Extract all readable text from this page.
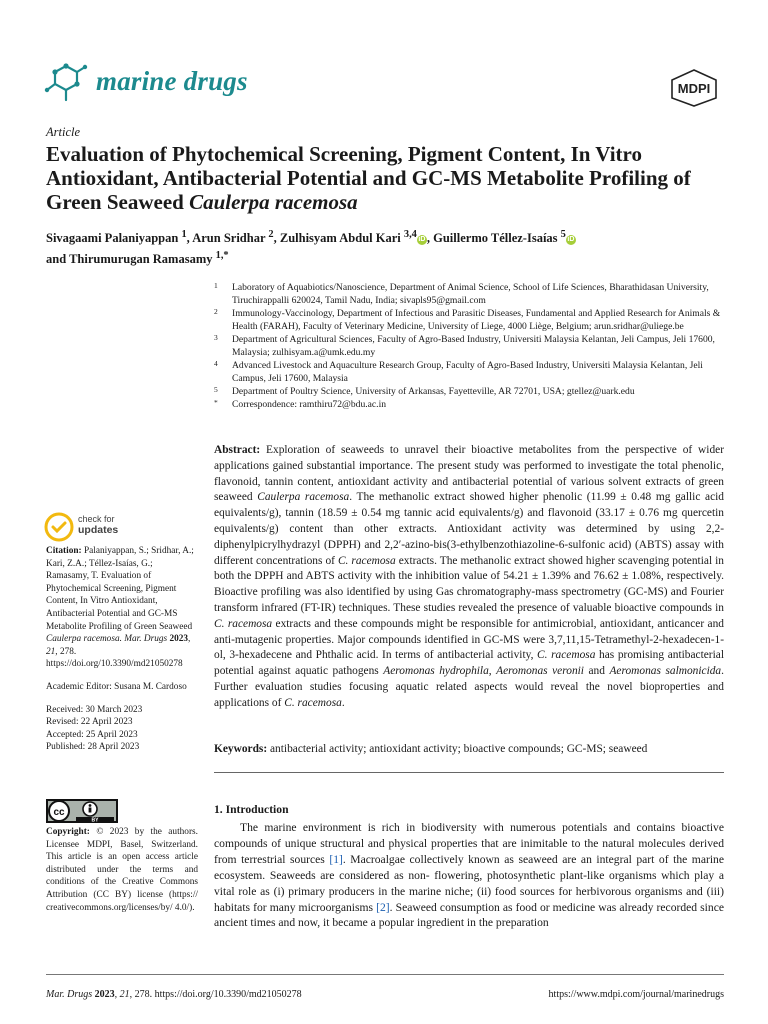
marine drugs	MDPI
Article
Evaluation of Phytochemical Screening, Pigment Content, In Vitro Antioxidant, Antibacterial Potential and GC-MS Metabolite Profiling of Green Seaweed Caulerpa racemosa
Sivagaami Palaniyappan $^1$, Arun Sridhar $^2$, Zulhisyam Abdul Kari $^{3,4}$ iD , Guillermo Téllez-Isaías $^5$ iD
and Thirumurugan Ramasamy $^{1,*}$
1 Laboratory of Aquabiotics/Nanoscience, Department of Animal Science, School of Life Sciences, Bharathidasan University, Tiruchirappalli 620024, Tamil Nadu, India; sivapls95@gmail.com
2 Immunology-Vaccinology, Department of Infectious and Parasitic Diseases, Fundamental and Applied Research for Animals & Health (FARAH), Faculty of Veterinary Medicine, University of Liege, 4000 Liège, Belgium; arun.sridhar@uliege.be
3 Department of Agricultural Sciences, Faculty of Agro-Based Industry, Universiti Malaysia Kelantan, Jeli Campus, Jeli 17600, Malaysia; zulhisyam.a@umk.edu.my
4 Advanced Livestock and Aquaculture Research Group, Faculty of Agro-Based Industry, Universiti Malaysia Kelantan, Jeli Campus, Jeli 17600, Malaysia
5 Department of Poultry Science, University of Arkansas, Fayetteville, AR 72701, USA; gtellez@uark.edu
* Correspondence: ramthiru72@bdu.ac.in
Abstract: Exploration of seaweeds to unravel their bioactive metabolites from the perspective of wider applications gained substantial importance. The present study was performed to investigate the total phenolic, flavonoid, tannin content, antioxidant activity and antibacterial potential of various solvent extracts of green seaweed Caulerpa racemosa. The methanolic extract showed higher phenolic (11.99 ± 0.48 mg gallic acid equivalents/g), tannin (18.59 ± 0.54 mg tannic acid equivalents/g) and flavonoid (33.17 ± 0.76 mg quercetin equivalents/g) content than other extracts. Antioxidant activity was determined by using 2,2-diphenylpicrylhydrazyl (DPPH) and 2,2′-azino-bis(3-ethylbenzothiazoline-6-sulfonic acid) (ABTS) assay with different concentrations of C. racemosa extracts. The methanolic extract showed higher scavenging potential in both the DPPH and ABTS activity with the inhibition value of 54.21 ± 1.39% and 76.62 ± 1.08%, respectively. Bioactive profiling was also identified by using Gas chromatography-mass spectrometry (GC-MS) and Fourier transform infrared (FT-IR) techniques. These studies revealed the presence of valuable bioactive compounds in C. racemosa extracts and these compounds might be responsible for antimicrobial, antioxidant, anticancer and anti-mutagenic properties. Major compounds identified in GC-MS were 3,7,11,15-Tetramethyl-2-hexadecen-1-ol, 3-hexadecene and Phthalic acid. In terms of antibacterial activity, C. racemosa has promising antibacterial potential against aquatic pathogens Aeromonas hydrophila, Aeromonas veronii and Aeromonas salmonicida. Further evaluation studies focusing aquatic related aspects would reveal the novel bioproperties and applications of C. racemosa.
Keywords: antibacterial activity; antioxidant activity; bioactive compounds; GC-MS; seaweed
1. Introduction
The marine environment is rich in biodiversity with numerous potentials and contains bioactive compounds of unique structural and physical properties that are inimitable to the natural molecules derived from terrestrial sources [1]. Macroalgae collectively known as seaweed are an integral part of the marine ecosystem. Seaweeds are considered as non- flowering, photosynthetic plant-like organisms which play a vital role as (i) primary producers in the marine niche; (ii) food sources for herbivorous organisms and (iii) habitats for many microorganisms [2]. Seaweed consumption as food or medicine was already recorded since ancient times and now, it became a popular ingredient in the preparation
check for
updates
Citation: Palaniyappan, S.; Sridhar, A.; Kari, Z.A.; Téllez-Isaías, G.; Ramasamy, T. Evaluation of Phytochemical Screening, Pigment Content, In Vitro Antioxidant, Antibacterial Potential and GC-MS Metabolite Profiling of Green Seaweed Caulerpa racemosa. Mar. Drugs 2023, 21, 278. https://doi.org/10.3390/md21050278
Academic Editor: Susana M. Cardoso
Received: 30 March 2023
Revised: 22 April 2023
Accepted: 25 April 2023
Published: 28 April 2023
cc
BY
Copyright: © 2023 by the authors. Licensee MDPI, Basel, Switzerland. This article is an open access article distributed under the terms and conditions of the Creative Commons Attribution (CC BY) license (https:// creativecommons.org/licenses/by/ 4.0/).
Mar. Drugs 2023, 21, 278. https://doi.org/10.3390/md21050278	https://www.mdpi.com/journal/marinedrugs
